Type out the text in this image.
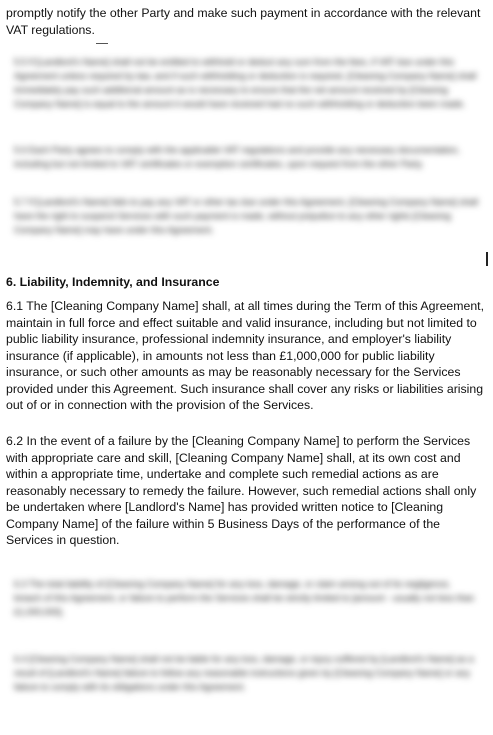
promptly notify the other Party and make such payment in accordance with the relevant VAT regulations.

5.5 If [Landlord's Name] shall not be entitled to withhold or deduct any sum from the fees, if VAT due under this Agreement unless required by law, and if such withholding or deduction is required, [Cleaning Company Name] shall immediately pay such additional amount as is necessary to ensure that the net amount received by [Cleaning Company Name] is equal to the amount it would have received had no such withholding or deduction been made.

5.6 Each Party agrees to comply with the applicable VAT regulations and provide any necessary documentation, including but not limited to VAT certificates or exemption certificates, upon request from the other Party.

5.7 If [Landlord's Name] fails to pay any VAT or other tax due under this Agreement, [Cleaning Company Name] shall have the right to suspend Services with such payment is made, without prejudice to any other rights [Cleaning Company Name] may have under this Agreement.

6. Liability, Indemnity, and Insurance

6.1 The [Cleaning Company Name] shall, at all times during the Term of this Agreement, maintain in full force and effect suitable and valid insurance, including but not limited to public liability insurance, professional indemnity insurance, and employer's liability insurance (if applicable), in amounts not less than £1,000,000 for public liability insurance, or such other amounts as may be reasonably necessary for the Services provided under this Agreement. Such insurance shall cover any risks or liabilities arising out of or in connection with the provision of the Services.

6.2 In the event of a failure by the [Cleaning Company Name] to perform the Services with appropriate care and skill, [Cleaning Company Name] shall, at its own cost and within a appropriate time, undertake and complete such remedial actions as are reasonably necessary to remedy the failure. However, such remedial actions shall only be undertaken where [Landlord's Name] has provided written notice to [Cleaning Company Name] of the failure within 5 Business Days of the performance of the Services in question.

6.3 The total liability of [Cleaning Company Name] for any loss, damage, or claim arising out of its negligence, breach of this Agreement, or failure to perform the Services shall be strictly limited to [amount - usually not less than £1,000,000].

6.4 [Cleaning Company Name] shall not be liable for any loss, damage, or injury suffered by [Landlord's Name] as a result of [Landlord's Name] failure to follow any reasonable instructions given by [Cleaning Company Name] or any failure to comply with its obligations under this Agreement.
